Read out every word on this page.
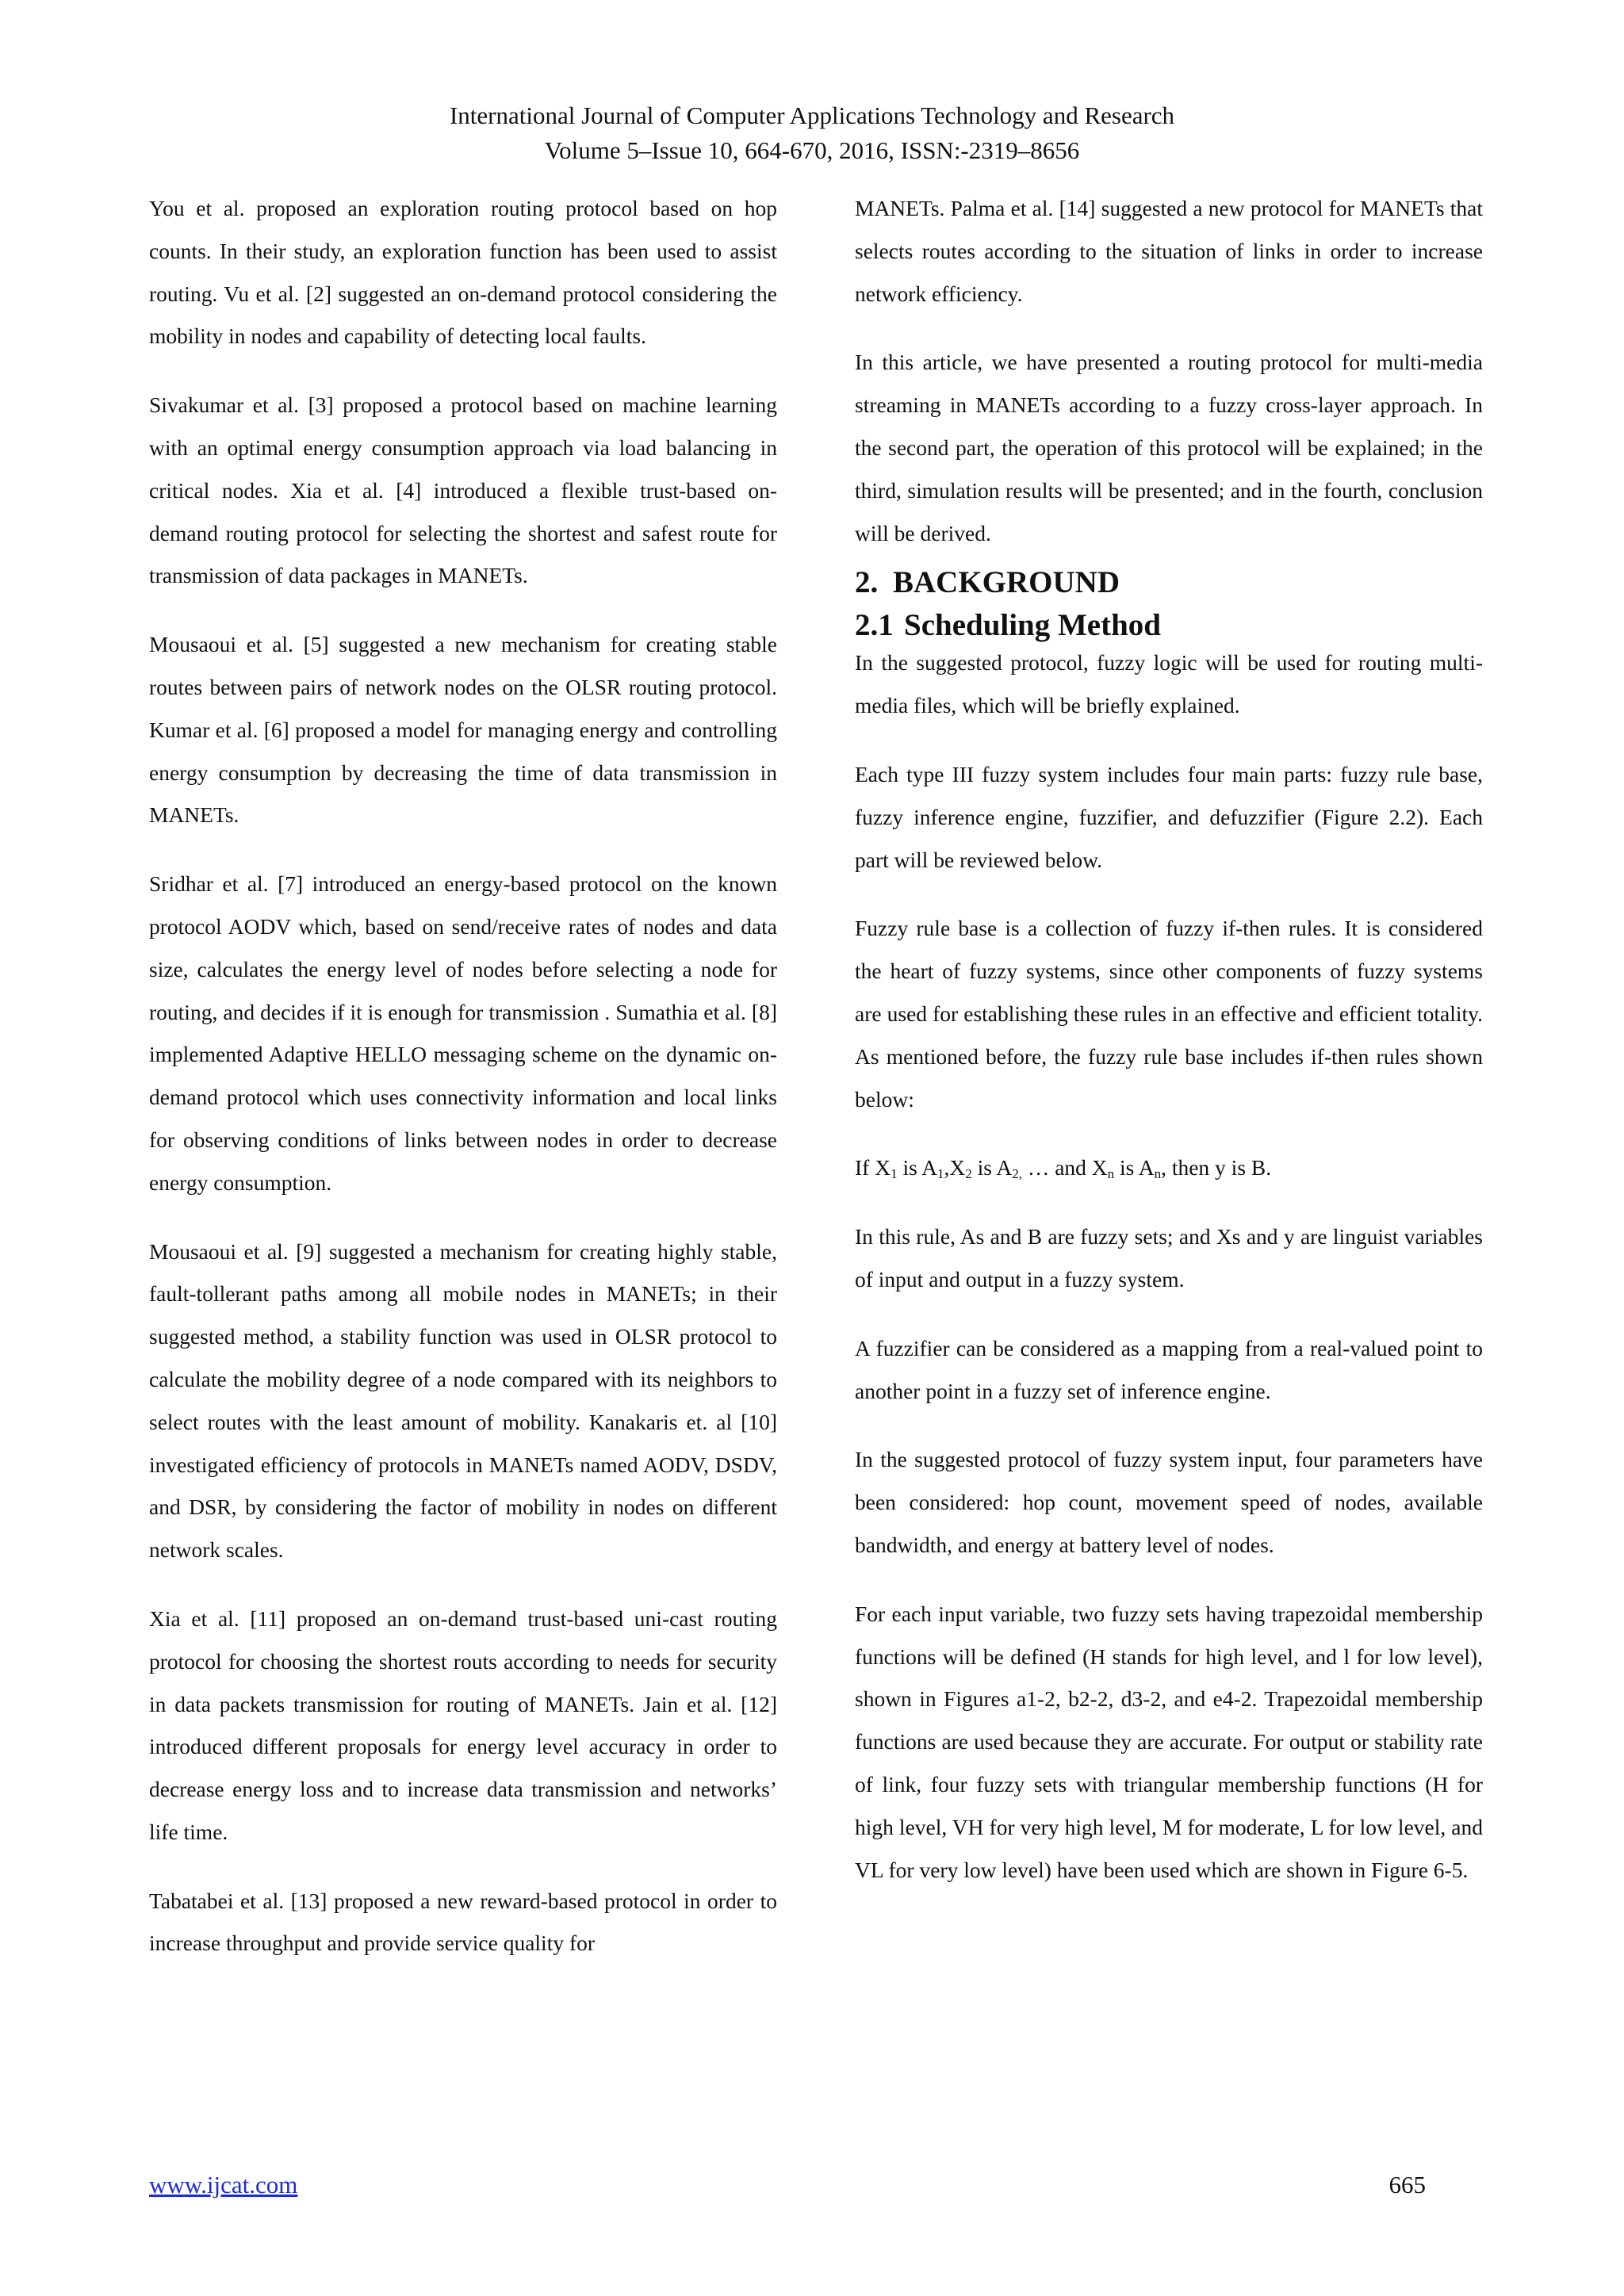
International Journal of Computer Applications Technology and Research
Volume 5–Issue 10, 664-670, 2016, ISSN:-2319–8656

You et al. proposed an exploration routing protocol based on hop counts. In their study, an exploration function has been used to assist routing. Vu et al. [2] suggested an on-demand protocol considering the mobility in nodes and capability of detecting local faults.

Sivakumar et al. [3] proposed a protocol based on machine learning with an optimal energy consumption approach via load balancing in critical nodes. Xia et al. [4] introduced a flexible trust-based on-demand routing protocol for selecting the shortest and safest route for transmission of data packages in MANETs.

Mousaoui et al. [5] suggested a new mechanism for creating stable routes between pairs of network nodes on the OLSR routing protocol. Kumar et al. [6] proposed a model for managing energy and controlling energy consumption by decreasing the time of data transmission in MANETs.

Sridhar et al. [7] introduced an energy-based protocol on the known protocol AODV which, based on send/receive rates of nodes and data size, calculates the energy level of nodes before selecting a node for routing, and decides if it is enough for transmission . Sumathia et al. [8] implemented Adaptive HELLO messaging scheme on the dynamic on-demand protocol which uses connectivity information and local links for observing conditions of links between nodes in order to decrease energy consumption.

Mousaoui et al. [9] suggested a mechanism for creating highly stable, fault-tollerant paths among all mobile nodes in MANETs; in their suggested method, a stability function was used in OLSR protocol to calculate the mobility degree of a node compared with its neighbors to select routes with the least amount of mobility. Kanakaris et. al [10] investigated efficiency of protocols in MANETs named AODV, DSDV, and DSR, by considering the factor of mobility in nodes on different network scales.

Xia et al. [11] proposed an on-demand trust-based uni-cast routing protocol for choosing the shortest routs according to needs for security in data packets transmission for routing of MANETs. Jain et al. [12] introduced different proposals for energy level accuracy in order to decrease energy loss and to increase data transmission and networks’ life time.

Tabatabei et al. [13] proposed a new reward-based protocol in order to increase throughput and provide service quality for

MANETs. Palma et al. [14] suggested a new protocol for MANETs that selects routes according to the situation of links in order to increase network efficiency.

In this article, we have presented a routing protocol for multi-media streaming in MANETs according to a fuzzy cross-layer approach. In the second part, the operation of this protocol will be explained; in the third, simulation results will be presented; and in the fourth, conclusion will be derived.

2. BACKGROUND
2.1 Scheduling Method

In the suggested protocol, fuzzy logic will be used for routing multi-media files, which will be briefly explained.

Each type III fuzzy system includes four main parts: fuzzy rule base, fuzzy inference engine, fuzzifier, and defuzzifier (Figure 2.2). Each part will be reviewed below.

Fuzzy rule base is a collection of fuzzy if-then rules. It is considered the heart of fuzzy systems, since other components of fuzzy systems are used for establishing these rules in an effective and efficient totality. As mentioned before, the fuzzy rule base includes if-then rules shown below:

If $X_1$ is $A_1,X_2$ is $A_{2,}$ … and $X_n$ is $A_n$, then y is B.

In this rule, As and B are fuzzy sets; and Xs and y are linguist variables of input and output in a fuzzy system.

A fuzzifier can be considered as a mapping from a real-valued point to another point in a fuzzy set of inference engine.

In the suggested protocol of fuzzy system input, four parameters have been considered: hop count, movement speed of nodes, available bandwidth, and energy at battery level of nodes.

For each input variable, two fuzzy sets having trapezoidal membership functions will be defined (H stands for high level, and l for low level), shown in Figures a1-2, b2-2, d3-2, and e4-2. Trapezoidal membership functions are used because they are accurate. For output or stability rate of link, four fuzzy sets with triangular membership functions (H for high level, VH for very high level, M for moderate, L for low level, and VL for very low level) have been used which are shown in Figure 6-5.

www.ijcat.com	665
